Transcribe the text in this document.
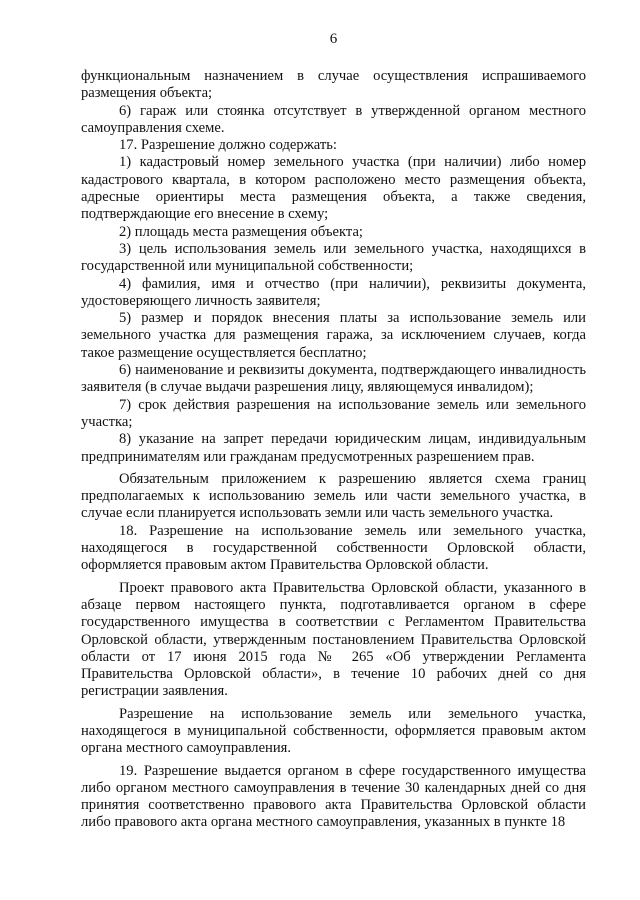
6

функциональным назначением в случае осуществления испрашиваемого размещения объекта;

6) гараж или стоянка отсутствует в утвержденной органом местного самоуправления схеме.

17. Разрешение должно содержать:

1) кадастровый номер земельного участка (при наличии) либо номер кадастрового квартала, в котором расположено место размещения объекта, адресные ориентиры места размещения объекта, а также сведения, подтверждающие его внесение в схему;

2) площадь места размещения объекта;

3) цель использования земель или земельного участка, находящихся в государственной или муниципальной собственности;

4) фамилия, имя и отчество (при наличии), реквизиты документа, удостоверяющего личность заявителя;

5) размер и порядок внесения платы за использование земель или земельного участка для размещения гаража, за исключением случаев, когда такое размещение осуществляется бесплатно;

6) наименование и реквизиты документа, подтверждающего инвалидность заявителя (в случае выдачи разрешения лицу, являющемуся инвалидом);

7) срок действия разрешения на использование земель или земельного участка;

8) указание на запрет передачи юридическим лицам, индивидуальным предпринимателям или гражданам предусмотренных разрешением прав.

Обязательным приложением к разрешению является схема границ предполагаемых к использованию земель или части земельного участка, в случае если планируется использовать земли или часть земельного участка.

18. Разрешение на использование земель или земельного участка, находящегося в государственной собственности Орловской области, оформляется правовым актом Правительства Орловской области.

Проект правового акта Правительства Орловской области, указанного в абзаце первом настоящего пункта, подготавливается органом в сфере государственного имущества в соответствии с Регламентом Правительства Орловской области, утвержденным постановлением Правительства Орловской области от 17 июня 2015 года № 265 «Об утверждении Регламента Правительства Орловской области», в течение 10 рабочих дней со дня регистрации заявления.

Разрешение на использование земель или земельного участка, находящегося в муниципальной собственности, оформляется правовым актом органа местного самоуправления.

19. Разрешение выдается органом в сфере государственного имущества либо органом местного самоуправления в течение 30 календарных дней со дня принятия соответственно правового акта Правительства Орловской области либо правового акта органа местного самоуправления, указанных в пункте 18
